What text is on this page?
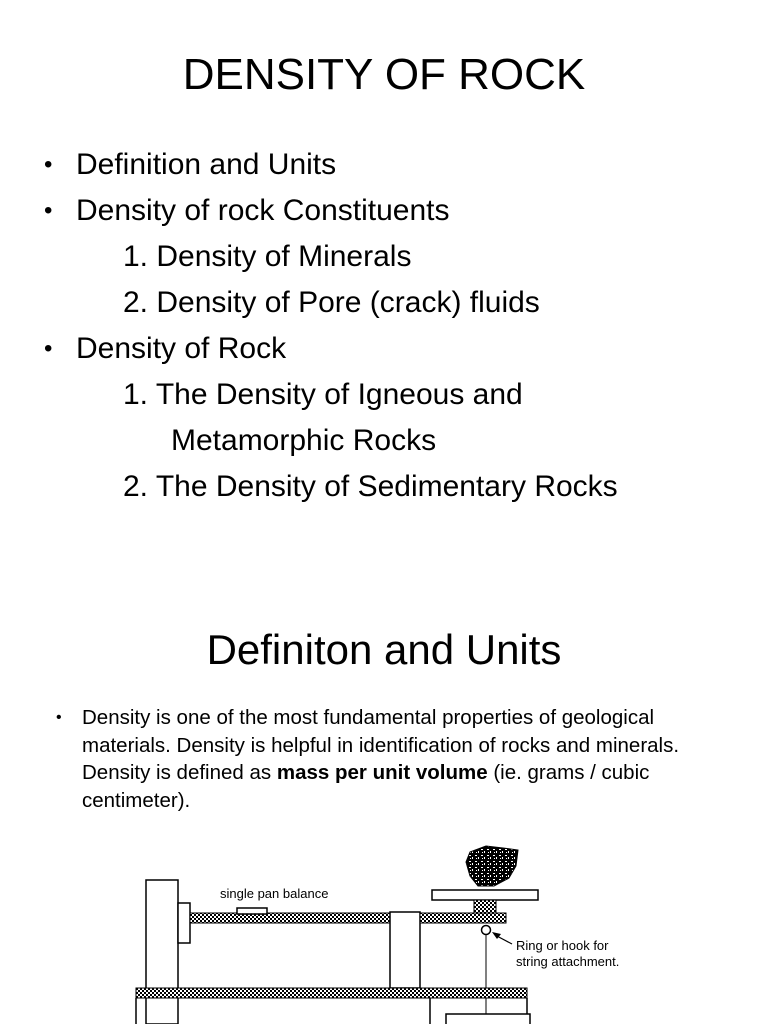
DENSITY OF ROCK
• Definition and Units
• Density of rock Constituents
1. Density of Minerals
2. Density of Pore (crack) fluids
• Density of Rock
1. The Density of Igneous and
Metamorphic Rocks
2. The Density of Sedimentary Rocks
Definiton and Units
• Density is one of the most fundamental properties of geological materials. Density is helpful in identification of rocks and minerals. Density is defined as mass per unit volume (ie. grams / cubic centimeter).
single pan balance
Ring or hook for
string attachment.
